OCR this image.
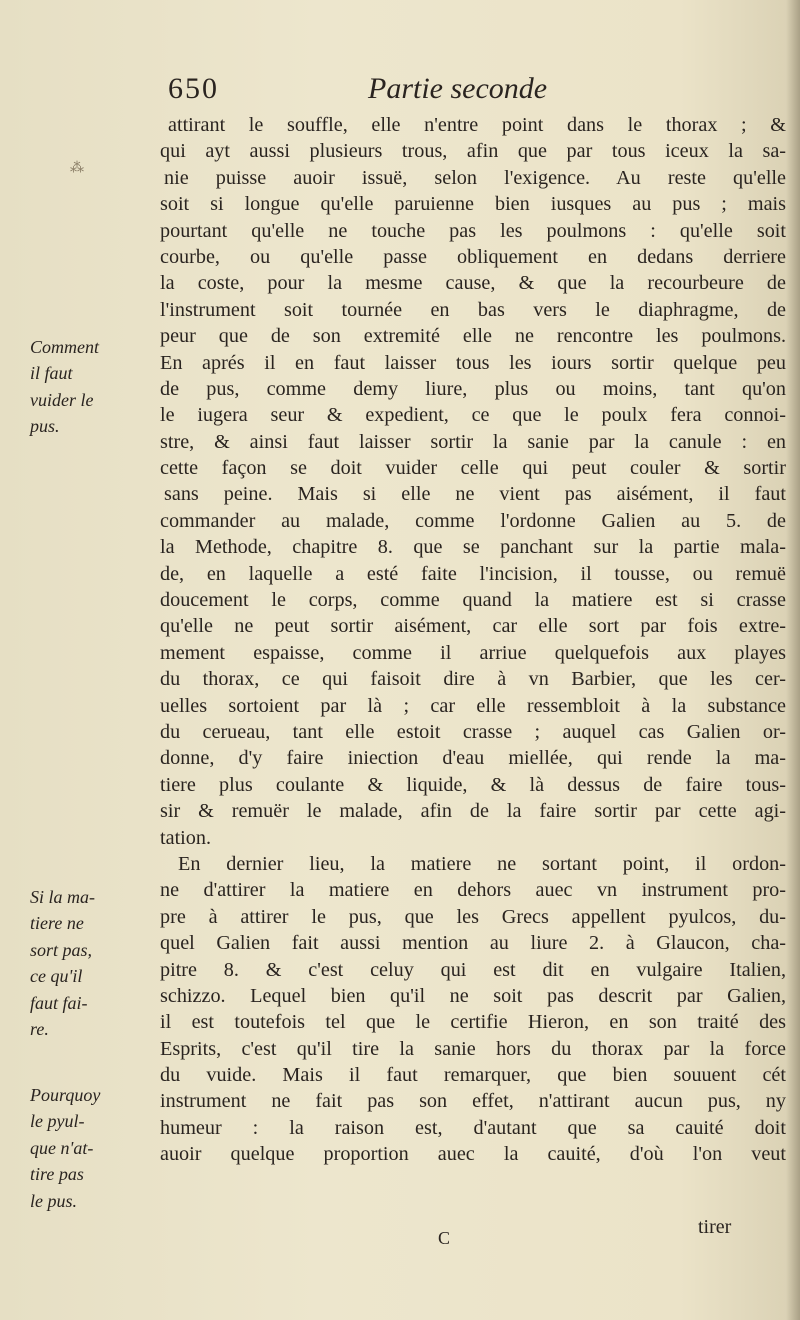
650	Partie seconde
attirant le souffle, elle n'entre point dans le thorax ; &
qui ayt aussi plusieurs trous, afin que par tous iceux la sa-
nie puisse auoir issuë, selon l'exigence. Au reste qu'elle
soit si longue qu'elle paruienne bien iusques au pus ; mais
pourtant qu'elle ne touche pas les poulmons : qu'elle soit
courbe, ou qu'elle passe obliquement en dedans derriere
la coste, pour la mesme cause, & que la recourbeure de
l'instrument soit tournée en bas vers le diaphragme, de
peur que de son extremité elle ne rencontre les poulmons.
En aprés il en faut laisser tous les iours sortir quelque peu
de pus, comme demy liure, plus ou moins, tant qu'on
le iugera seur & expedient, ce que le poulx fera connoi-
stre, & ainsi faut laisser sortir la sanie par la canule : en
cette façon se doit vuider celle qui peut couler & sortir
sans peine. Mais si elle ne vient pas aisément, il faut
commander au malade, comme l'ordonne Galien au 5. de
la Methode, chapitre 8. que se panchant sur la partie mala-
de, en laquelle a esté faite l'incision, il tousse, ou remuë
doucement le corps, comme quand la matiere est si crasse
qu'elle ne peut sortir aisément, car elle sort par fois extre-
mement espaisse, comme il arriue quelquefois aux playes
du thorax, ce qui faisoit dire à vn Barbier, que les cer-
uelles sortoient par là ; car elle ressembloit à la substance
du cerueau, tant elle estoit crasse ; auquel cas Galien or-
donne, d'y faire iniection d'eau miellée, qui rende la ma-
tiere plus coulante & liquide, & là dessus de faire tous-
sir & remuër le malade, afin de la faire sortir par cette agi-
tation.
En dernier lieu, la matiere ne sortant point, il ordon-
ne d'attirer la matiere en dehors auec vn instrument pro-
pre à attirer le pus, que les Grecs appellent pyulcos, du-
quel Galien fait aussi mention au liure 2. à Glaucon, cha-
pitre 8. & c'est celuy qui est dit en vulgaire Italien,
schizzo. Lequel bien qu'il ne soit pas descrit par Galien,
il est toutefois tel que le certifie Hieron, en son traité des
Esprits, c'est qu'il tire la sanie hors du thorax par la force
du vuide. Mais il faut remarquer, que bien souuent cét
instrument ne fait pas son effet, n'attirant aucun pus, ny
humeur : la raison est, d'autant que sa cauité doit
auoir quelque proportion auec la cauité, d'où l'on veut
Comment
il faut
vuider le
pus.
Si la ma-
tiere ne
sort pas,
ce qu'il
faut fai-
re.
Pourquoy
le pyul-
que n'at-
tire pas
le pus.
C	tirer
⁂
